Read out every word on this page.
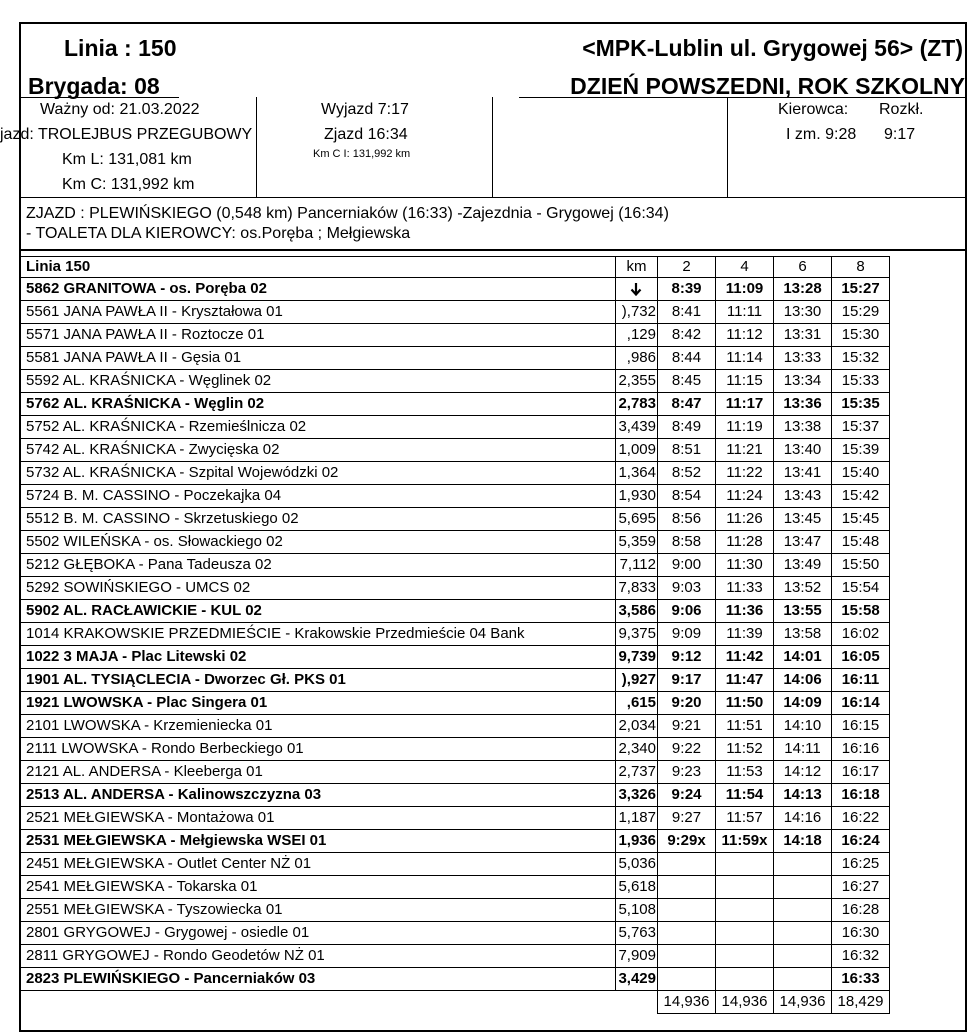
Linia : 150
Brygada: 08
<MPK-Lublin ul. Grygowej 56> (ZT)
DZIEŃ POWSZEDNI, ROK SZKOLNY
Ważny od: 21.03.2022
jazd: TROLEJBUS PRZEGUBOWY
Km L: 131,081 km
Km C: 131,992 km
Wyjazd 7:17
Zjazd 16:34
Km C I: 131,992 km
Kierowca: Rozkł.
I zm. 9:28 9:17
ZJAZD : PLEWIŃSKIEGO (0,548 km) Pancerniaków (16:33) -Zajezdnia - Grygowej (16:34)
- TOALETA DLA KIEROWCY: os.Poręba ; Mełgiewska
Linia 150	km	2	4	6	8
5862 GRANITOWA - os. Poręba 02		8:39	11:09	13:28	15:27
5561 JANA PAWŁA II - Kryształowa 01	),732	8:41	11:11	13:30	15:29
5571 JANA PAWŁA II - Roztocze 01	,129	8:42	11:12	13:31	15:30
5581 JANA PAWŁA II - Gęsia 01	,986	8:44	11:14	13:33	15:32
5592 AL. KRAŚNICKA - Węglinek 02	2,355	8:45	11:15	13:34	15:33
5762 AL. KRAŚNICKA - Węglin 02	2,783	8:47	11:17	13:36	15:35
5752 AL. KRAŚNICKA - Rzemieślnicza 02	3,439	8:49	11:19	13:38	15:37
5742 AL. KRAŚNICKA - Zwycięska 02	1,009	8:51	11:21	13:40	15:39
5732 AL. KRAŚNICKA - Szpital Wojewódzki 02	1,364	8:52	11:22	13:41	15:40
5724 B. M. CASSINO - Poczekajka 04	1,930	8:54	11:24	13:43	15:42
5512 B. M. CASSINO - Skrzetuskiego 02	5,695	8:56	11:26	13:45	15:45
5502 WILEŃSKA - os. Słowackiego 02	5,359	8:58	11:28	13:47	15:48
5212 GŁĘBOKA - Pana Tadeusza 02	7,112	9:00	11:30	13:49	15:50
5292 SOWIŃSKIEGO - UMCS 02	7,833	9:03	11:33	13:52	15:54
5902 AL. RACŁAWICKIE - KUL 02	3,586	9:06	11:36	13:55	15:58
1014 KRAKOWSKIE PRZEDMIEŚCIE - Krakowskie Przedmieście 04 Bank	9,375	9:09	11:39	13:58	16:02
1022 3 MAJA - Plac Litewski 02	9,739	9:12	11:42	14:01	16:05
1901 AL. TYSIĄCLECIA - Dworzec Gł. PKS 01	),927	9:17	11:47	14:06	16:11
1921 LWOWSKA - Plac Singera 01	,615	9:20	11:50	14:09	16:14
2101 LWOWSKA - Krzemieniecka 01	2,034	9:21	11:51	14:10	16:15
2111 LWOWSKA - Rondo Berbeckiego 01	2,340	9:22	11:52	14:11	16:16
2121 AL. ANDERSA - Kleeberga 01	2,737	9:23	11:53	14:12	16:17
2513 AL. ANDERSA - Kalinowszczyzna 03	3,326	9:24	11:54	14:13	16:18
2521 MEŁGIEWSKA - Montażowa 01	1,187	9:27	11:57	14:16	16:22
2531 MEŁGIEWSKA - Mełgiewska WSEI 01	1,936	9:29x	11:59x	14:18	16:24
2451 MEŁGIEWSKA - Outlet Center NŻ 01	5,036				16:25
2541 MEŁGIEWSKA - Tokarska 01	5,618				16:27
2551 MEŁGIEWSKA - Tyszowiecka 01	5,108				16:28
2801 GRYGOWEJ - Grygowej - osiedle 01	5,763				16:30
2811 GRYGOWEJ - Rondo Geodetów NŻ 01	7,909				16:32
2823 PLEWIŃSKIEGO - Pancerniaków 03	3,429				16:33
		14,936	14,936	14,936	18,429
